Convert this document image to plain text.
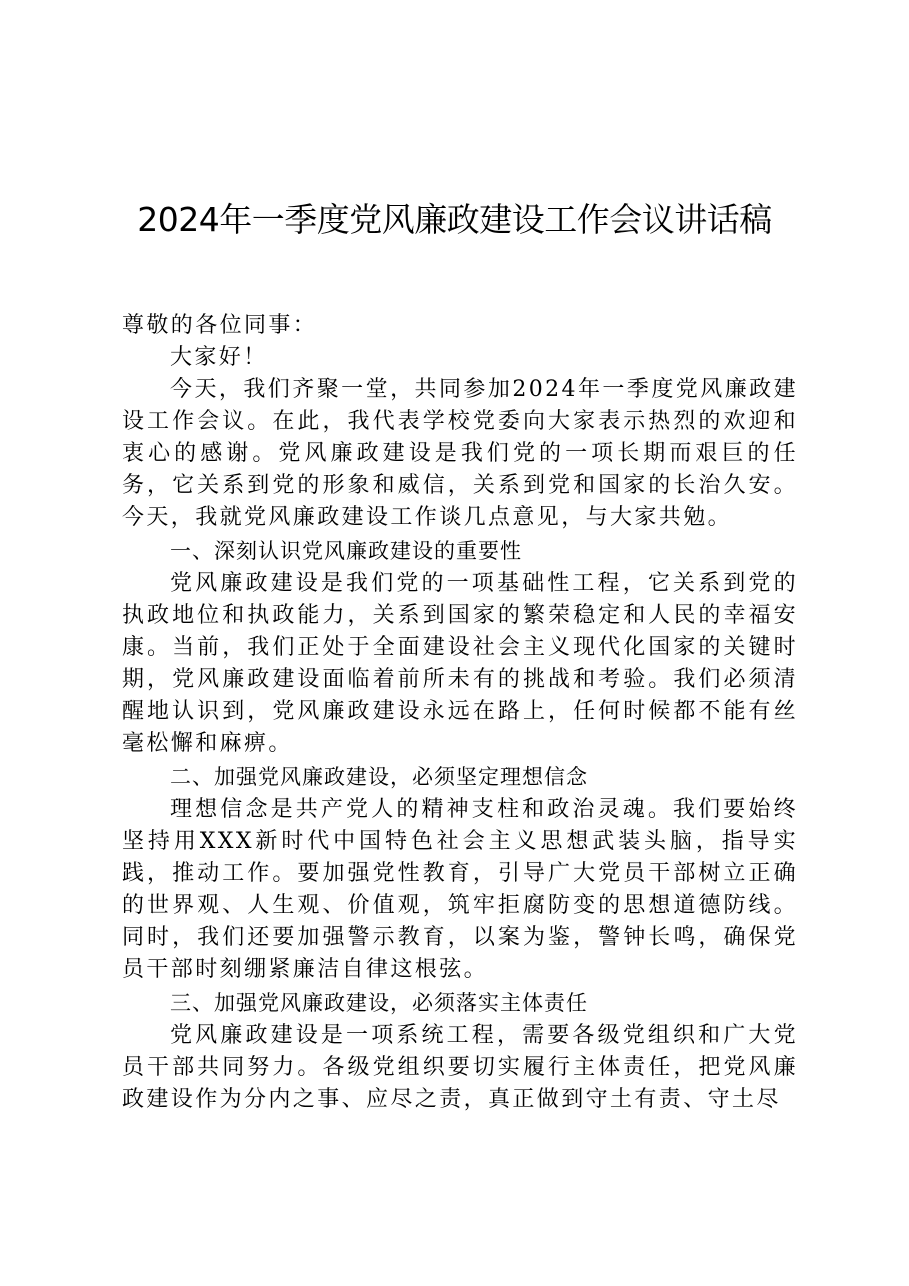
2024年一季度党风廉政建设工作会议讲话稿

尊敬的各位同事：

大家好！

今天，我们齐聚一堂，共同参加2024年一季度党风廉政建设工作会议。在此，我代表学校党委向大家表示热烈的欢迎和衷心的感谢。党风廉政建设是我们党的一项长期而艰巨的任务，它关系到党的形象和威信，关系到党和国家的长治久安。今天，我就党风廉政建设工作谈几点意见，与大家共勉。

一、深刻认识党风廉政建设的重要性

党风廉政建设是我们党的一项基础性工程，它关系到党的执政地位和执政能力，关系到国家的繁荣稳定和人民的幸福安康。当前，我们正处于全面建设社会主义现代化国家的关键时期，党风廉政建设面临着前所未有的挑战和考验。我们必须清醒地认识到，党风廉政建设永远在路上，任何时候都不能有丝毫松懈和麻痹。

二、加强党风廉政建设，必须坚定理想信念

理想信念是共产党人的精神支柱和政治灵魂。我们要始终坚持用XXX新时代中国特色社会主义思想武装头脑，指导实践，推动工作。要加强党性教育，引导广大党员干部树立正确的世界观、人生观、价值观，筑牢拒腐防变的思想道德防线。同时，我们还要加强警示教育，以案为鉴，警钟长鸣，确保党员干部时刻绷紧廉洁自律这根弦。

三、加强党风廉政建设，必须落实主体责任

党风廉政建设是一项系统工程，需要各级党组织和广大党员干部共同努力。各级党组织要切实履行主体责任，把党风廉政建设作为分内之事、应尽之责，真正做到守土有责、守土尽
